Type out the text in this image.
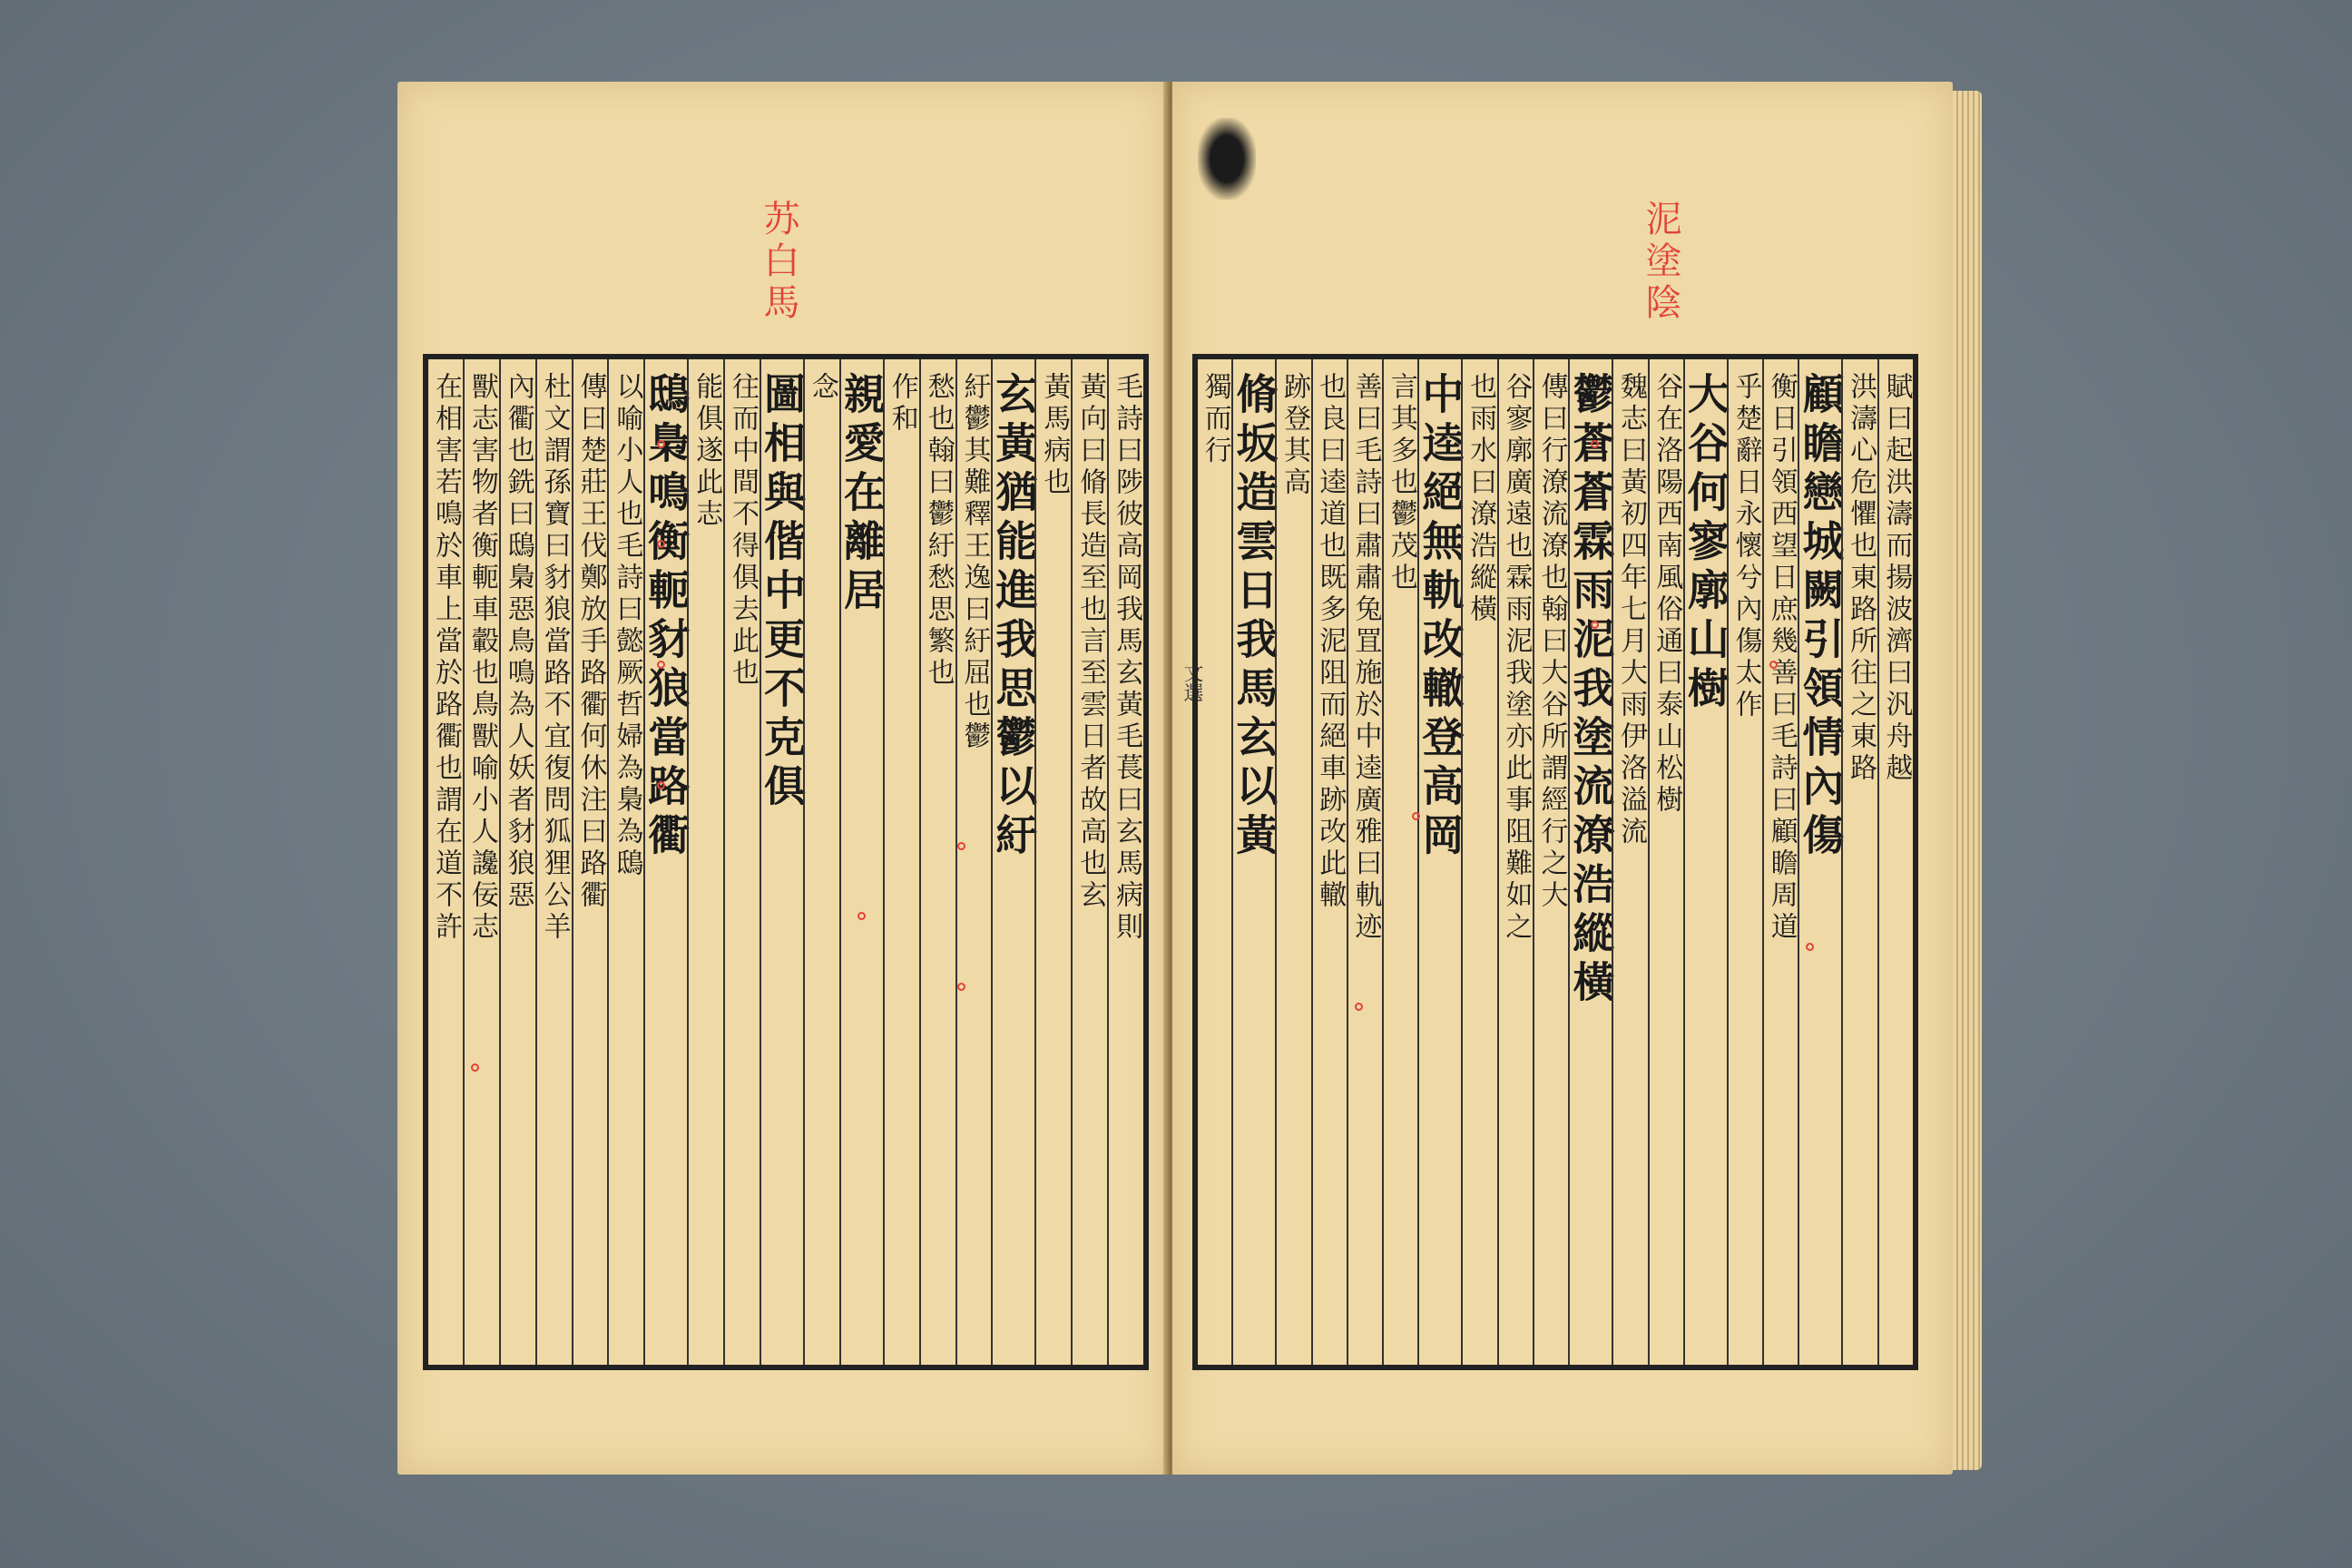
苏白馬
毛詩曰陟彼高岡我馬玄黃毛萇曰玄馬病則
黃向曰脩長造至也言至雲日者故高也玄
黃馬病也
玄黃猶能進我思鬱以紆
紆鬱其難釋王逸曰紆屈也鬱
愁也翰曰鬱紆愁思繁也
作和
親愛在離居
念
圖相與偕中更不克俱
往而中間不得俱去此也
能俱遂此志
鴟梟鳴衡軛豺狼當路衢
以喻小人也毛詩曰懿厥哲婦為梟為鴟
傳曰楚莊王伐鄭放手路衢何休注曰路衢
杜文謂孫寶曰豺狼當路不宜復問狐狸公羊
內衢也銑曰鴟梟惡鳥鳴為人妖者豺狼惡
獸志害物者衡軛車轂也鳥獸喻小人讒佞志
在相害若鳴於車上當於路衢也謂在道不許
泥塗陰
文選	賦曰起洪濤而揚波濟曰汎舟越
洪濤心危懼也東路所往之東路
顧瞻戀城闕引領情內傷
衡日引領西望日庶幾善曰毛詩曰顧瞻周道
乎楚辭日永懷兮內傷太作
大谷何寥廓山樹
谷在洛陽西南風俗通曰泰山松樹
魏志曰黃初四年七月大雨伊洛溢流
鬱蒼蒼霖雨泥我塗流潦浩縱橫
傳曰行潦流潦也翰曰大谷所謂經行之大
谷寥廓廣遠也霖雨泥我塗亦此事阻難如之
也雨水曰潦浩縱橫
中逵絕無軌改轍登高岡
言其多也鬱茂也
善曰毛詩曰肅肅兔罝施於中逵廣雅曰軌迹
也良曰逵道也既多泥阻而絕車跡改此轍
跡登其高
脩坂造雲日我馬玄以黃
獨而行
